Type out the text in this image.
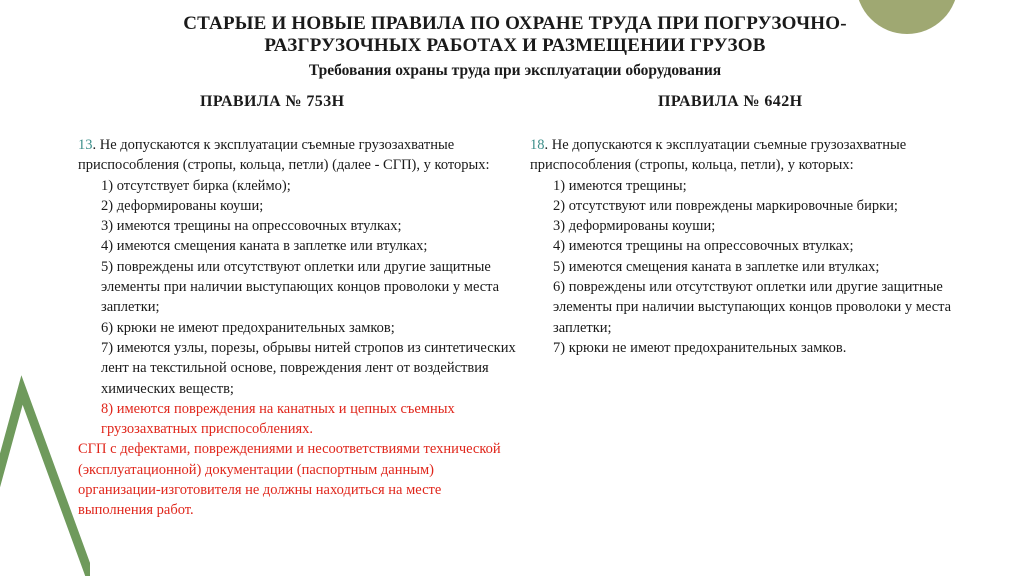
СТАРЫЕ И НОВЫЕ ПРАВИЛА ПО ОХРАНЕ ТРУДА ПРИ ПОГРУЗОЧНО-
РАЗГРУЗОЧНЫХ РАБОТАХ И РАЗМЕЩЕНИИ ГРУЗОВ
Требования охраны труда при эксплуатации оборудования
ПРАВИЛА № 753Н	ПРАВИЛА № 642Н

13. Не допускаются к эксплуатации съемные грузозахватные приспособления (стропы, кольца, петли) (далее - СГП), у которых:

1) отсутствует бирка (клеймо);

2) деформированы коуши;

3) имеются трещины на опрессовочных втулках;

4) имеются смещения каната в заплетке или втулках;

5) повреждены или отсутствуют оплетки или другие защитные элементы при наличии выступающих концов проволоки у места заплетки;

6) крюки не имеют предохранительных замков;

7) имеются узлы, порезы, обрывы нитей стропов из синтетических лент на текстильной основе, повреждения лент от воздействия химических веществ;

8) имеются повреждения на канатных и цепных съемных грузозахватных приспособлениях.

СГП с дефектами, повреждениями и несоответствиями технической (эксплуатационной) документации (паспортным данным) организации-изготовителя не должны находиться на месте выполнения работ.

18. Не допускаются к эксплуатации съемные грузозахватные приспособления (стропы, кольца, петли), у которых:

1) имеются трещины;

2) отсутствуют или повреждены маркировочные бирки;

3) деформированы коуши;

4) имеются трещины на опрессовочных втулках;

5) имеются смещения каната в заплетке или втулках;

6) повреждены или отсутствуют оплетки или другие защитные элементы при наличии выступающих концов проволоки у места заплетки;

7) крюки не имеют предохранительных замков.
